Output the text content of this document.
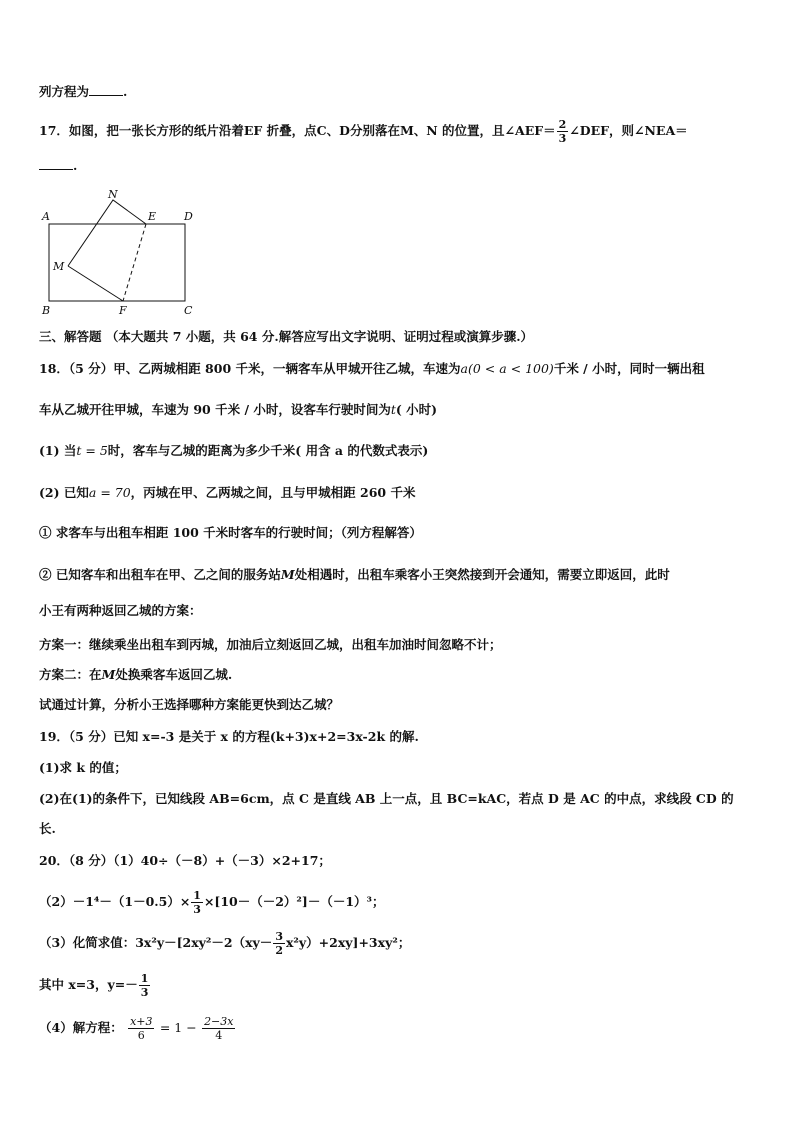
列方程为	.
17．如图，把一张长方形的纸片沿着EF 折叠，点C、D分别落在M、N 的位置，且∠AEF＝ $\frac{2}{3}$ ∠DEF，则∠NEA＝
.
A
B	C
D
E
F
M
N
三、解答题 （本大题共 7 小题，共 64 分.解答应写出文字说明、证明过程或演算步骤.）
18．（5 分）甲、乙两城相距 800 千米，一辆客车从甲城开往乙城，车速为a(0 < a < 100)千米 / 小时，同时一辆出租
车从乙城开往甲城，车速为 90 千米 / 小时，设客车行驶时间为t( 小时)
(1) 当t = 5时，客车与乙城的距离为多少千米( 用含 a 的代数式表示)
(2) 已知a = 70，丙城在甲、乙两城之间，且与甲城相距 260 千米
① 求客车与出租车相距 100 千米时客车的行驶时间；（列方程解答）
② 已知客车和出租车在甲、乙之间的服务站M处相遇时，出租车乘客小王突然接到开会通知，需要立即返回，此时
小王有两种返回乙城的方案：
方案一：继续乘坐出租车到丙城，加油后立刻返回乙城，出租车加油时间忽略不计；
方案二：在M处换乘客车返回乙城.
试通过计算，分析小王选择哪种方案能更快到达乙城？
19．（5 分）已知 x=-3 是关于 x 的方程(k+3)x+2=3x-2k 的解.
(1)求 k 的值；
(2)在(1)的条件下，已知线段 AB=6cm，点 C 是直线 AB 上一点，且 BC=kAC，若点 D 是 AC 的中点，求线段 CD 的
长.
20．（8 分）（1）40÷（－8）+（－3）×2+17；
$(2)-1^4-(1-0.5)\times \frac{1}{3} \times[10-(-2)^2]-(-1)^3$；
（3）化简求值：$3x^2y-[2xy^2-2(xy- \frac{3}{2} x^2y)+2xy]+3xy^2$；
其中 x=3，$y=- \frac{1}{3}$
（4）解方程： $\frac{x+3}{6} = 1 - \frac{2-3x}{4}$
